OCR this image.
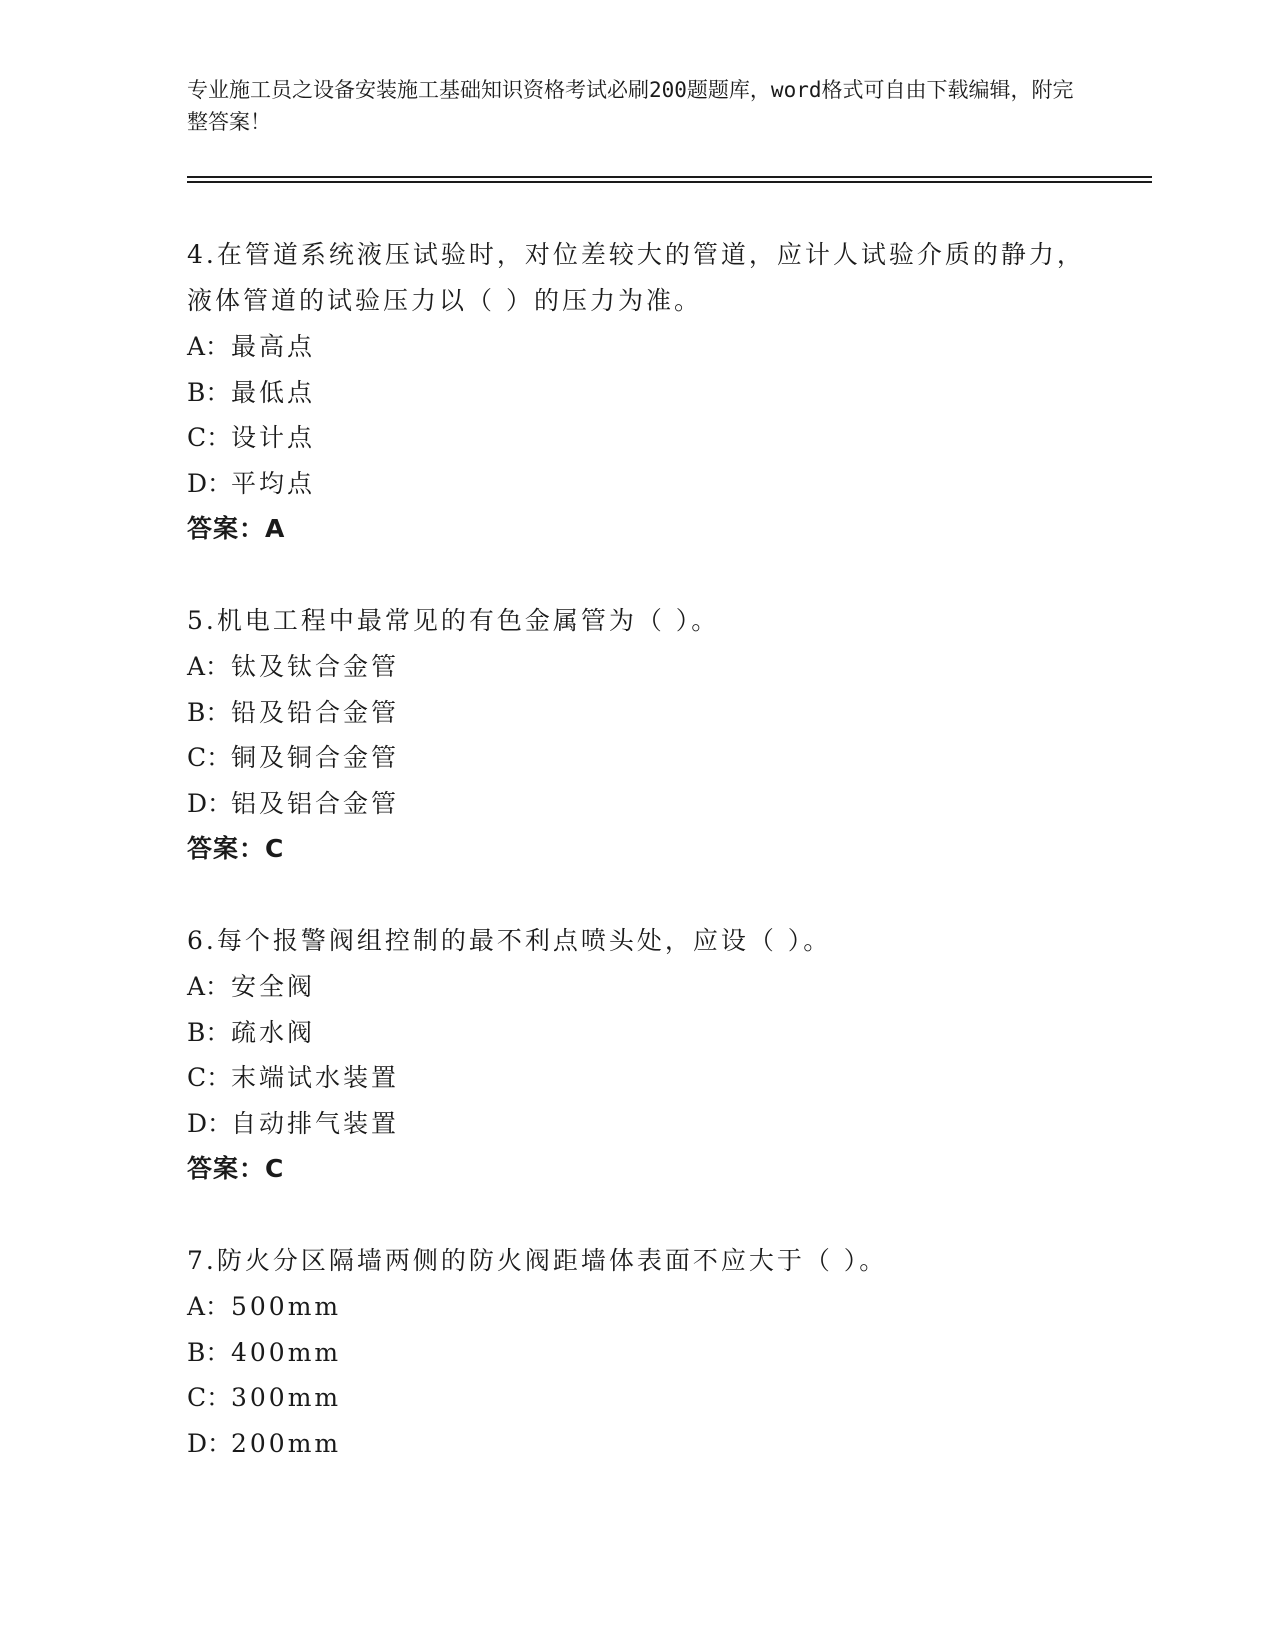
专业施工员之设备安装施工基础知识资格考试必刷200题题库，word格式可自由下载编辑，附完整答案！

4.在管道系统液压试验时，对位差较大的管道，应计人试验介质的静力，液体管道的试验压力以（ ）的压力为准。

A： 最高点
B： 最低点
C： 设计点
D：
平均点
答案：A

5.机电工程中最常见的有色金属管为（ ）。

A： 钛及钛合金管
B： 铅及铅合金管
C： 铜及铜合金管
D：
铝及铝合金管
答案：C

6.每个报警阀组控制的最不利点喷头处，应设（ ）。

A： 安全阀
B： 疏水阀
C： 末端试水装置
D：
自动排气装置
答案：C

7.防火分区隔墙两侧的防火阀距墙体表面不应大于（ ）。

A： 500mm
B： 400mm
C： 300mm
D：
200mm
